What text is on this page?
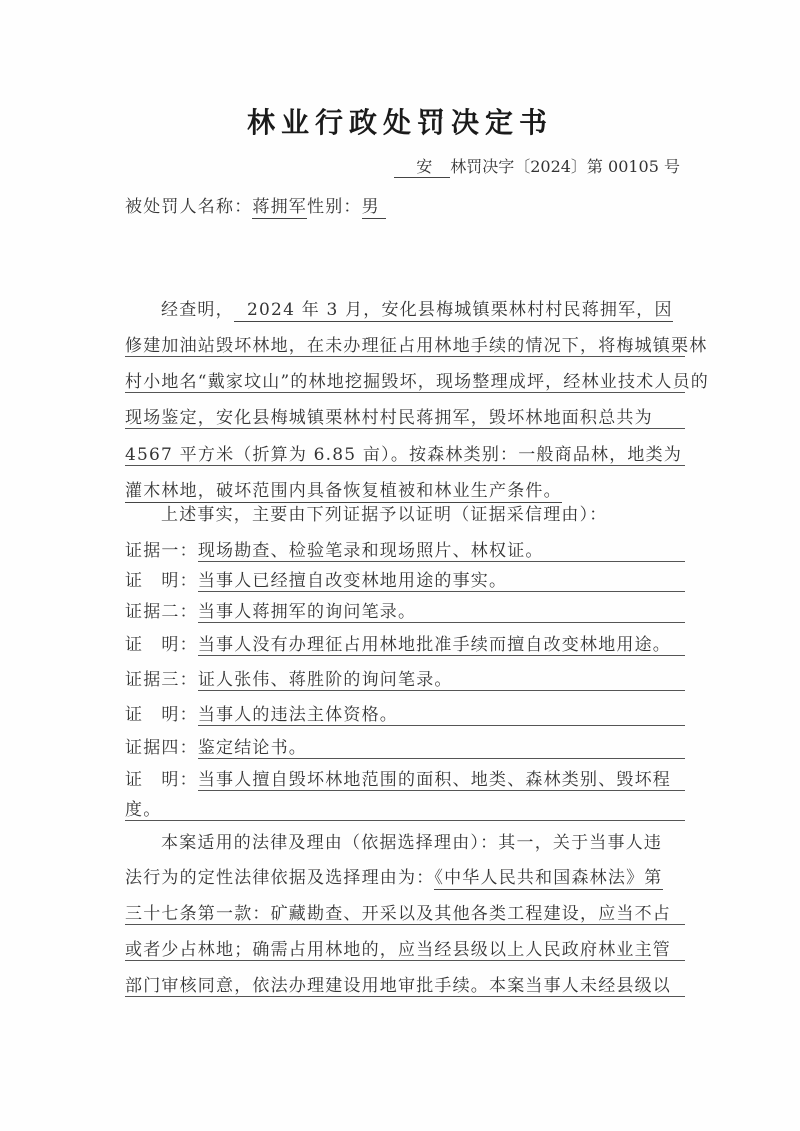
林业行政处罚决定书
安 林罚决字〔2024〕第 00105 号
被处罚人名称：蒋拥军性别：男
经查明，  2024 年 3 月，安化县梅城镇栗林村村民蒋拥军，因
修建加油站毁坏林地，在未办理征占用林地手续的情况下，将梅城镇栗林
村小地名“戴家坟山”的林地挖掘毁坏，现场整理成坪，经林业技术人员的
现场鉴定，安化县梅城镇栗林村村民蒋拥军，毁坏林地面积总共为
4567 平方米（折算为 6.85 亩）。按森林类别：一般商品林，地类为
灌木林地，破坏范围内具备恢复植被和林业生产条件。
上述事实，主要由下列证据予以证明（证据采信理由）：
证据一： 现场勘查、检验笔录和现场照片、林权证。
证　明： 当事人已经擅自改变林地用途的事实。
证据二： 当事人蒋拥军的询问笔录。
证　明： 当事人没有办理征占用林地批准手续而擅自改变林地用途。
证据三： 证人张伟、蒋胜阶的询问笔录。
证　明： 当事人的违法主体资格。
证据四： 鉴定结论书。
证　明： 当事人擅自毁坏林地范围的面积、地类、森林类别、毁坏程
度。
本案适用的法律及理由（依据选择理由）：其一，关于当事人违
法行为的定性法律依据及选择理由为：《中华人民共和国森林法》第
三十七条第一款：矿藏勘查、开采以及其他各类工程建设，应当不占
或者少占林地；确需占用林地的，应当经县级以上人民政府林业主管
部门审核同意，依法办理建设用地审批手续。本案当事人未经县级以
